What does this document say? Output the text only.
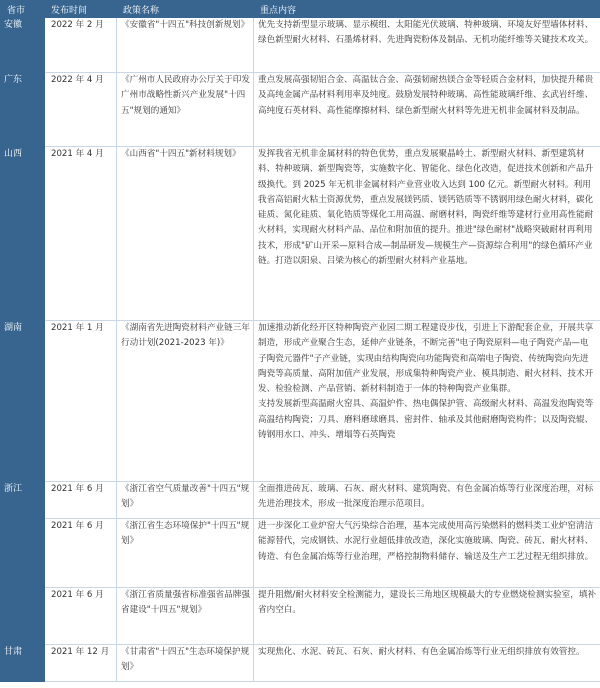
省市	发布时间	政策名称	重点内容
安徽	2022 年 2 月	《安徽省"十四五"科技创新规划》	优先支持新型显示玻璃、显示模组、太阳能光伏玻璃、特种玻璃、环境友好型墙体材料、绿色新型耐火材料、石墨烯材料、先进陶瓷粉体及制品、无机功能纤维等关键技术攻关。

广东	2022 年 4 月	《广州市人民政府办公厅关于印发广州市战略性新兴产业发展"十四五"规划的通知》	重点发展高强韧铝合金、高温钛合金、高强韧耐热镁合金等轻质合金材料，加快提升稀贵及高纯金属产品材料利用率及纯度。鼓励发展特种玻璃、高性能玻璃纤维、玄武岩纤维、高纯度石英材料、高性能摩擦材料、绿色新型耐火材料等先进无机非金属材料及制品。

山西	2021 年 4 月	《山西省"十四五"新材料规划》	发挥我省无机非金属材料的特色优势，重点发展聚晶岭土、新型耐火材料、新型建筑材料、特种玻璃、新型陶瓷等，实施数字化、智能化、绿色化改造，促进技术创新和产品升级换代。到 2025 年无机非金属材料产业营业收入达到 100 亿元。新型耐火材料。利用我省高铝耐火粘土资源优势，重点发展镁钙质、镁钙锆质等不锈钢用绿色耐火材料，碳化硅质、氮化硅质、氧化锆质等煤化工用高温、耐磨材料，陶瓷纤维等建材行业用高性能耐火材料，实现耐火材料产品、品位和附加值的提升。推进"绿色耐材"战略突破耐材再利用技术，形成"矿山开采—原料合成—制品研发—规模生产—资源综合利用"的绿色循环产业链。打造以阳泉、吕梁为核心的新型耐火材料产业基地。

湖南	2021 年 1 月	《湖南省先进陶瓷材料产业链三年行动计划(2021-2023 年)》	加速推动新化经开区特种陶瓷产业园二期工程建设步伐，引进上下游配套企业，开展共享制造，形成产业聚合生态，延伸产业链条，不断完善"电子陶瓷原料—电子陶瓷产品—电子陶瓷元器件"子产业链，实现由结构陶瓷向功能陶瓷和高端电子陶瓷、传统陶瓷向先进陶瓷等高质量、高附加值产业发展，形成集特种陶瓷产业、模具制造、耐火材料、技术开发、检验检测、产品营销、新材料制造于一体的特种陶瓷产业集群。
支持发展新型高温耐火窑具、高温炉件、热电偶保护管、高级耐火材料、高温发泡陶瓷等高温结构陶瓷；刀具、磨料磨球磨具、密封件、轴承及其他耐磨陶瓷构件；以及陶瓷辊、铸钢用水口、冲头、增塌等石英陶瓷

浙江	2021 年 6 月	《浙江省空气质量改善"十四五"规划》	全面推进砖瓦、玻璃、石灰、耐火材料、建筑陶瓷、有色金属冶炼等行业深度治理，对标先进治理技术，形成一批深度治理示范项目。

	2021 年 6 月	《浙江省生态环境保护"十四五"规划》	进一步深化工业炉窑大气污染综合治理，基本完成使用高污染燃料的燃料类工业炉窑清洁能源替代，完成钢铁、水泥行业超低排放改造，深化实施玻璃、陶瓷、砖瓦、耐火材料、铸造、有色金属冶炼等行业治理，严格控制物料储存、输送及生产工艺过程无组织排放。

	2021 年 6 月	《浙江省质量强省标准强省品牌强省建设"十四五"规划》	提升阻燃/耐火材料安全检测能力，建设长三角地区规模最大的专业燃烧检测实验室，填补省内空白。

甘肃	2021 年 12 月	《甘肃省"十四五"生态环境保护规划》	实现焦化、水泥、砖瓦、石灰、耐火材料、有色金属冶炼等行业无组织排放有效管控。
